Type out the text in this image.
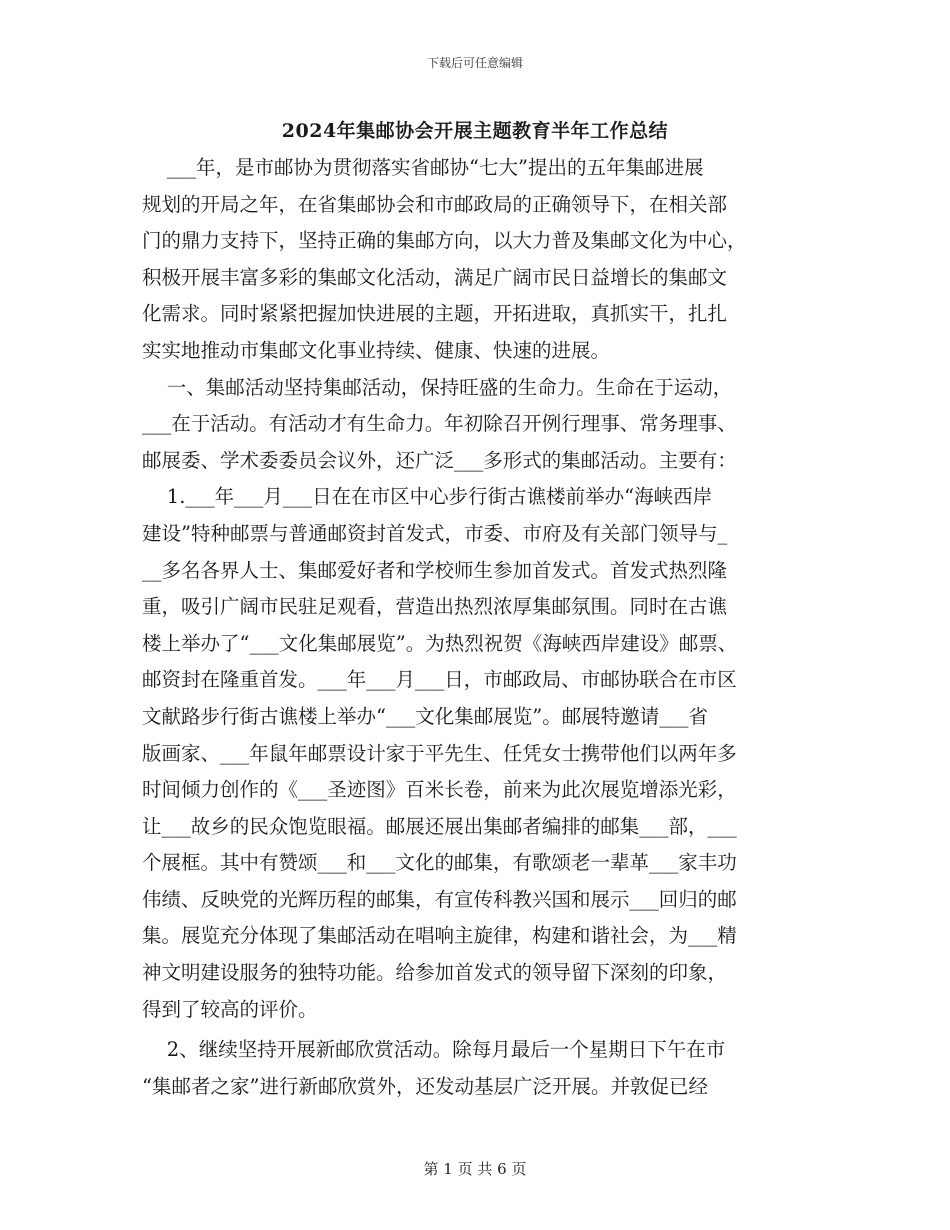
下载后可任意编辑
2024年集邮协会开展主题教育半年工作总结
___年，是市邮协为贯彻落实省邮协“七大”提出的五年集邮进展
规划的开局之年，在省集邮协会和市邮政局的正确领导下，在相关部
门的鼎力支持下，坚持正确的集邮方向，以大力普及集邮文化为中心，
积极开展丰富多彩的集邮文化活动，满足广阔市民日益增长的集邮文
化需求。同时紧紧把握加快进展的主题，开拓进取，真抓实干，扎扎
实实地推动市集邮文化事业持续、健康、快速的进展。
一、集邮活动坚持集邮活动，保持旺盛的生命力。生命在于运动，
___在于活动。有活动才有生命力。年初除召开例行理事、常务理事、
邮展委、学术委委员会议外，还广泛___多形式的集邮活动。主要有：
1.___年___月___日在在市区中心步行街古谯楼前举办“海峡西岸
建设”特种邮票与普通邮资封首发式，市委、市府及有关部门领导与_
__多名各界人士、集邮爱好者和学校师生参加首发式。首发式热烈隆
重，吸引广阔市民驻足观看，营造出热烈浓厚集邮氛围。同时在古谯
楼上举办了“___文化集邮展览”。为热烈祝贺《海峡西岸建设》邮票、
邮资封在隆重首发。___年___月___日，市邮政局、市邮协联合在市区
文献路步行街古谯楼上举办“___文化集邮展览”。邮展特邀请___省
版画家、___年鼠年邮票设计家于平先生、任凭女士携带他们以两年多
时间倾力创作的《___圣迹图》百米长卷，前来为此次展览增添光彩，
让___故乡的民众饱览眼福。邮展还展出集邮者编排的邮集___部，___
个展框。其中有赞颂___和___文化的邮集，有歌颂老一辈革___家丰功
伟绩、反映党的光辉历程的邮集，有宣传科教兴国和展示___回归的邮
集。展览充分体现了集邮活动在唱响主旋律，构建和谐社会，为___精
神文明建设服务的独特功能。给参加首发式的领导留下深刻的印象，
得到了较高的评价。
2、继续坚持开展新邮欣赏活动。除每月最后一个星期日下午在市
“集邮者之家”进行新邮欣赏外，还发动基层广泛开展。并敦促已经
第 1 页 共 6 页
